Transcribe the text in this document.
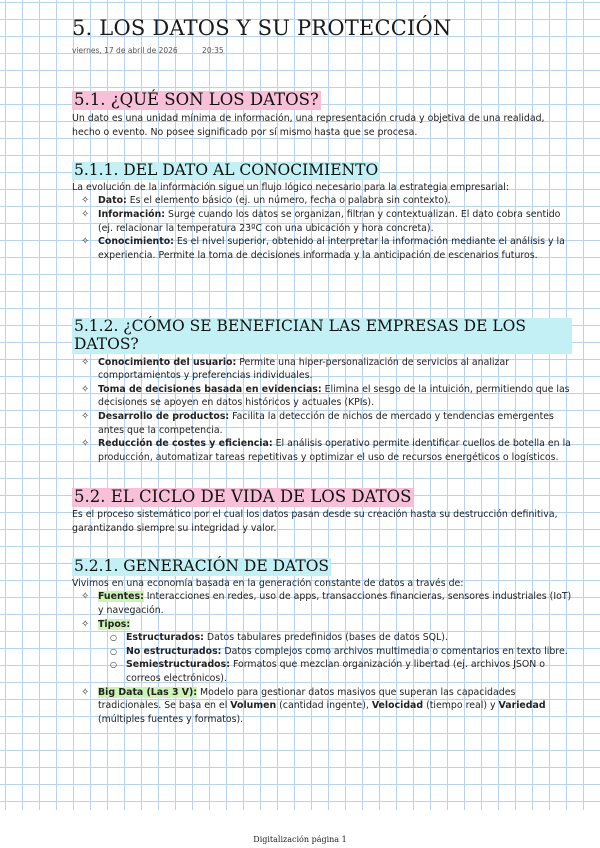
5. LOS DATOS Y SU PROTECCIÓN
viernes, 17 de abril de 2026	20:35
5.1. ¿QUÉ SON LOS DATOS?

Un dato es una unidad mínima de información, una representación cruda y objetiva de una realidad, hecho o evento. No posee significado por sí mismo hasta que se procesa.

5.1.1. DEL DATO AL CONOCIMIENTO

La evolución de la información sigue un flujo lógico necesario para la estrategia empresarial:

✧ Dato: Es el elemento básico (ej. un número, fecha o palabra sin contexto).
✧ Información: Surge cuando los datos se organizan, filtran y contextualizan. El dato cobra sentido (ej. relacionar la temperatura 23ºC con una ubicación y hora concreta).
✧ Conocimiento: Es el nivel superior, obtenido al interpretar la información mediante el análisis y la experiencia. Permite la toma de decisiones informada y la anticipación de escenarios futuros.
5.1.2. ¿CÓMO SE BENEFICIAN LAS EMPRESAS DE LOS DATOS?
✧ Conocimiento del usuario: Permite una hiper-personalización de servicios al analizar comportamientos y preferencias individuales.
✧ Toma de decisiones basada en evidencias: Elimina el sesgo de la intuición, permitiendo que las decisiones se apoyen en datos históricos y actuales (KPIs).
✧ Desarrollo de productos: Facilita la detección de nichos de mercado y tendencias emergentes antes que la competencia.
✧ Reducción de costes y eficiencia: El análisis operativo permite identificar cuellos de botella en la producción, automatizar tareas repetitivas y optimizar el uso de recursos energéticos o logísticos.
5.2. EL CICLO DE VIDA DE LOS DATOS

Es el proceso sistemático por el cual los datos pasan desde su creación hasta su destrucción definitiva, garantizando siempre su integridad y valor.

5.2.1. GENERACIÓN DE DATOS

Vivimos en una economía basada en la generación constante de datos a través de:

✧ Fuentes: Interacciones en redes, uso de apps, transacciones financieras, sensores industriales (IoT) y navegación.
✧ Tipos:
○ Estructurados: Datos tabulares predefinidos (bases de datos SQL).
○ No estructurados: Datos complejos como archivos multimedia o comentarios en texto libre.
○ Semiestructurados: Formatos que mezclan organización y libertad (ej. archivos JSON o correos electrónicos).
✧ Big Data (Las 3 V): Modelo para gestionar datos masivos que superan las capacidades tradicionales. Se basa en el Volumen (cantidad ingente), Velocidad (tiempo real) y Variedad (múltiples fuentes y formatos).
Digitalización página 1
